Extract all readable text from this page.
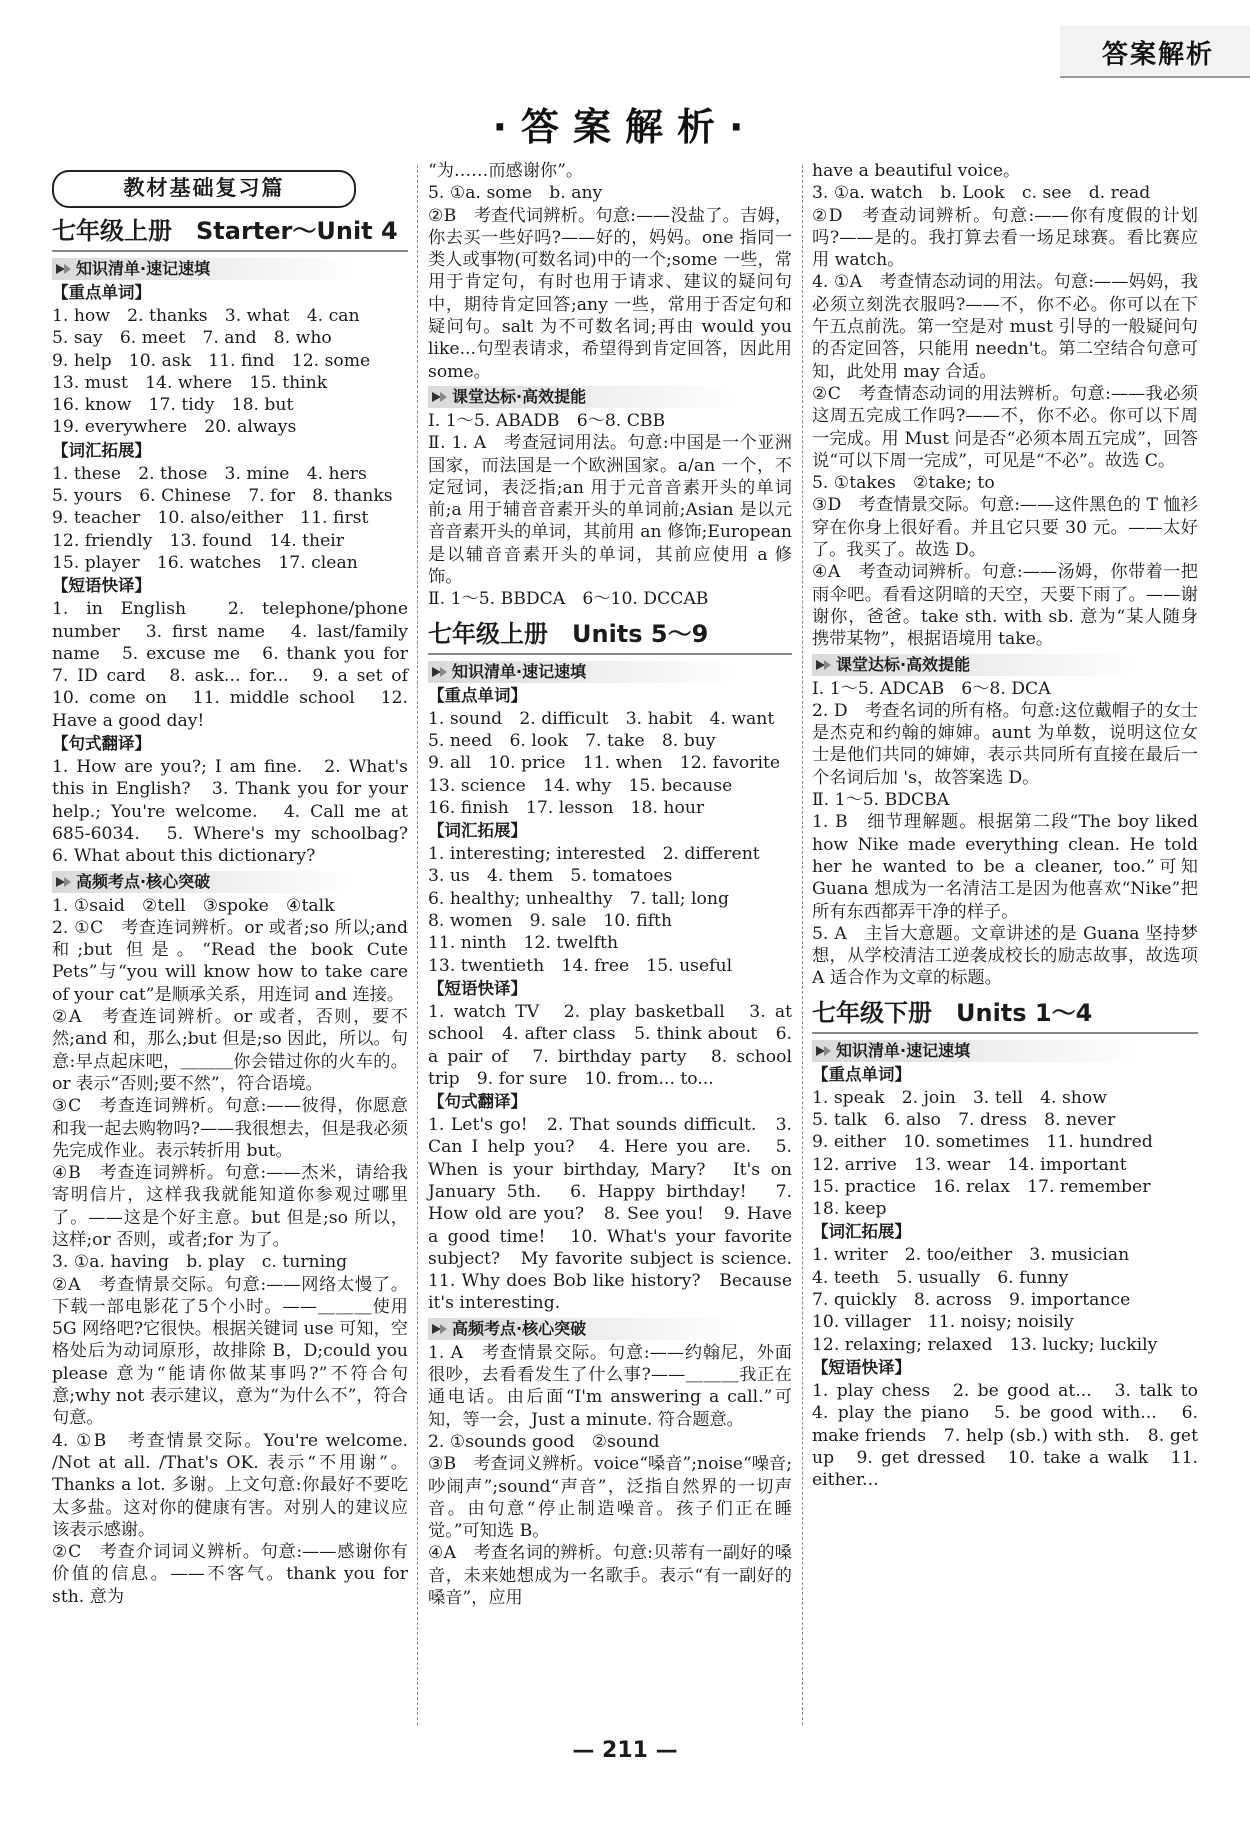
答案解析
·答案解析·
教材基础复习篇
七年级上册　Starter～Unit 4
知识清单·速记速填
【重点单词】

1. how　2. thanks　3. what　4. can

5. say　6. meet　7. and　8. who

9. help　10. ask　11. find　12. some

13. must　14. where　15. think

16. know　17. tidy　18. but

19. everywhere　20. always

【词汇拓展】

1. these　2. those　3. mine　4. hers

5. yours　6. Chinese　7. for　8. thanks

9. teacher　10. also/either　11. first

12. friendly　13. found　14. their

15. player　16. watches　17. clean

【短语快译】

1. in English　2. telephone/phone number　3. first name　4. last/family name　5. excuse me　6. thank you for　7. ID card　8. ask... for...　9. a set of　10. come on　11. middle school　12. Have a good day!

【句式翻译】

1. How are you?; I am fine.　2. What's this in English?　3. Thank you for your help.; You're welcome.　4. Call me at 685-6034.　5. Where's my schoolbag?　6. What about this dictionary?

高频考点·核心突破

1. ①said　②tell　③spoke　④talk

2. ①C　考查连词辨析。or 或者;so 所以;and 和;but 但是。“Read the book Cute Pets”与“you will know how to take care of your cat”是顺承关系，用连词 and 连接。

②A　考查连词辨析。or 或者，否则，要不然;and 和，那么;but 但是;so 因此，所以。句意:早点起床吧，＿＿＿你会错过你的火车的。or 表示“否则;要不然”，符合语境。

③C　考查连词辨析。句意:——彼得，你愿意和我一起去购物吗?——我很想去，但是我必须先完成作业。表示转折用 but。

④B　考查连词辨析。句意:——杰米，请给我寄明信片，这样我我就能知道你参观过哪里了。——这是个好主意。but 但是;so 所以，这样;or 否则，或者;for 为了。

3. ①a. having　b. play　c. turning

②A　考查情景交际。句意:——网络太慢了。下载一部电影花了5个小时。——＿＿＿使用 5G 网络吧?它很快。根据关键词 use 可知，空格处后为动词原形，故排除 B，D;could you please 意为“能请你做某事吗?”不符合句意;why not 表示建议，意为“为什么不”，符合句意。

4. ①B　考查情景交际。You're welcome. /Not at all. /That's OK. 表示“不用谢”。Thanks a lot. 多谢。上文句意:你最好不要吃太多盐。这对你的健康有害。对别人的建议应该表示感谢。

②C　考查介词词义辨析。句意:——感谢你有价值的信息。——不客气。thank you for sth. 意为

“为……而感谢你”。

5. ①a. some　b. any

②B　考查代词辨析。句意:——没盐了。吉姆，你去买一些好吗?——好的，妈妈。one 指同一类人或事物(可数名词)中的一个;some 一些，常用于肯定句，有时也用于请求、建议的疑问句中，期待肯定回答;any 一些，常用于否定句和疑问句。salt 为不可数名词;再由 would you like...句型表请求，希望得到肯定回答，因此用 some。

课堂达标·高效提能

Ⅰ. 1～5. ABADB　6～8. CBB

Ⅱ. 1. A　考查冠词用法。句意:中国是一个亚洲国家，而法国是一个欧洲国家。a/an 一个，不定冠词，表泛指;an 用于元音音素开头的单词前;a 用于辅音音素开头的单词前;Asian 是以元音音素开头的单词，其前用 an 修饰;European 是以辅音音素开头的单词，其前应使用 a 修饰。

Ⅱ. 1～5. BBDCA　6～10. DCCAB

七年级上册　Units 5～9
知识清单·速记速填
【重点单词】

1. sound　2. difficult　3. habit　4. want

5. need　6. look　7. take　8. buy

9. all　10. price　11. when　12. favorite

13. science　14. why　15. because

16. finish　17. lesson　18. hour

【词汇拓展】

1. interesting; interested　2. different

3. us　4. them　5. tomatoes

6. healthy; unhealthy　7. tall; long

8. women　9. sale　10. fifth

11. ninth　12. twelfth

13. twentieth　14. free　15. useful

【短语快译】

1. watch TV　2. play basketball　3. at school　4. after class　5. think about　6. a pair of　7. birthday party　8. school trip　9. for sure　10. from... to...

【句式翻译】

1. Let's go!　2. That sounds difficult.　3. Can I help you?　4. Here you are.　5. When is your birthday, Mary?　It's on January 5th.　6. Happy birthday!　7. How old are you?　8. See you!　9. Have a good time!　10. What's your favorite subject?　My favorite subject is science.　11. Why does Bob like history?　Because it's interesting.

高频考点·核心突破

1. A　考查情景交际。句意:——约翰尼，外面很吵，去看看发生了什么事?——＿＿＿我正在通电话。由后面“I'm answering a call.”可知，等一会，Just a minute. 符合题意。

2. ①sounds good　②sound

③B　考查词义辨析。voice“嗓音”;noise“噪音;吵闹声”;sound“声音”，泛指自然界的一切声音。由句意“停止制造噪音。孩子们正在睡觉。”可知选 B。

④A　考查名词的辨析。句意:贝蒂有一副好的嗓音，未来她想成为一名歌手。表示“有一副好的嗓音”，应用

have a beautiful voice。

3. ①a. watch　b. Look　c. see　d. read

②D　考查动词辨析。句意:——你有度假的计划吗?——是的。我打算去看一场足球赛。看比赛应用 watch。

4. ①A　考查情态动词的用法。句意:——妈妈，我必须立刻洗衣服吗?——不，你不必。你可以在下午五点前洗。第一空是对 must 引导的一般疑问句的否定回答，只能用 needn't。第二空结合句意可知，此处用 may 合适。

②C　考查情态动词的用法辨析。句意:——我必须这周五完成工作吗?——不，你不必。你可以下周一完成。用 Must 问是否“必须本周五完成”，回答说“可以下周一完成”，可见是“不必”。故选 C。

5. ①takes　②take; to

③D　考查情景交际。句意:——这件黑色的 T 恤衫穿在你身上很好看。并且它只要 30 元。——太好了。我买了。故选 D。

④A　考查动词辨析。句意:——汤姆，你带着一把雨伞吧。看看这阴暗的天空，天要下雨了。——谢谢你，爸爸。take sth. with sb. 意为“某人随身携带某物”，根据语境用 take。

课堂达标·高效提能

Ⅰ. 1～5. ADCAB　6～8. DCA

2. D　考查名词的所有格。句意:这位戴帽子的女士是杰克和约翰的婶婶。aunt 为单数，说明这位女士是他们共同的婶婶，表示共同所有直接在最后一个名词后加 's，故答案选 D。

Ⅱ. 1～5. BDCBA

1. B　细节理解题。根据第二段“The boy liked how Nike made everything clean. He told her he wanted to be a cleaner, too.”可知 Guana 想成为一名清洁工是因为他喜欢“Nike”把所有东西都弄干净的样子。

5. A　主旨大意题。文章讲述的是 Guana 坚持梦想，从学校清洁工逆袭成校长的励志故事，故选项 A 适合作为文章的标题。

七年级下册　Units 1～4
知识清单·速记速填
【重点单词】

1. speak　2. join　3. tell　4. show

5. talk　6. also　7. dress　8. never

9. either　10. sometimes　11. hundred

12. arrive　13. wear　14. important

15. practice　16. relax　17. remember

18. keep

【词汇拓展】

1. writer　2. too/either　3. musician

4. teeth　5. usually　6. funny

7. quickly　8. across　9. importance

10. villager　11. noisy; noisily

12. relaxing; relaxed　13. lucky; luckily

【短语快译】

1. play chess　2. be good at...　3. talk to　4. play the piano　5. be good with...　6. make friends　7. help (sb.) with sth.　8. get up　9. get dressed　10. take a walk　11. either...

— 211 —
